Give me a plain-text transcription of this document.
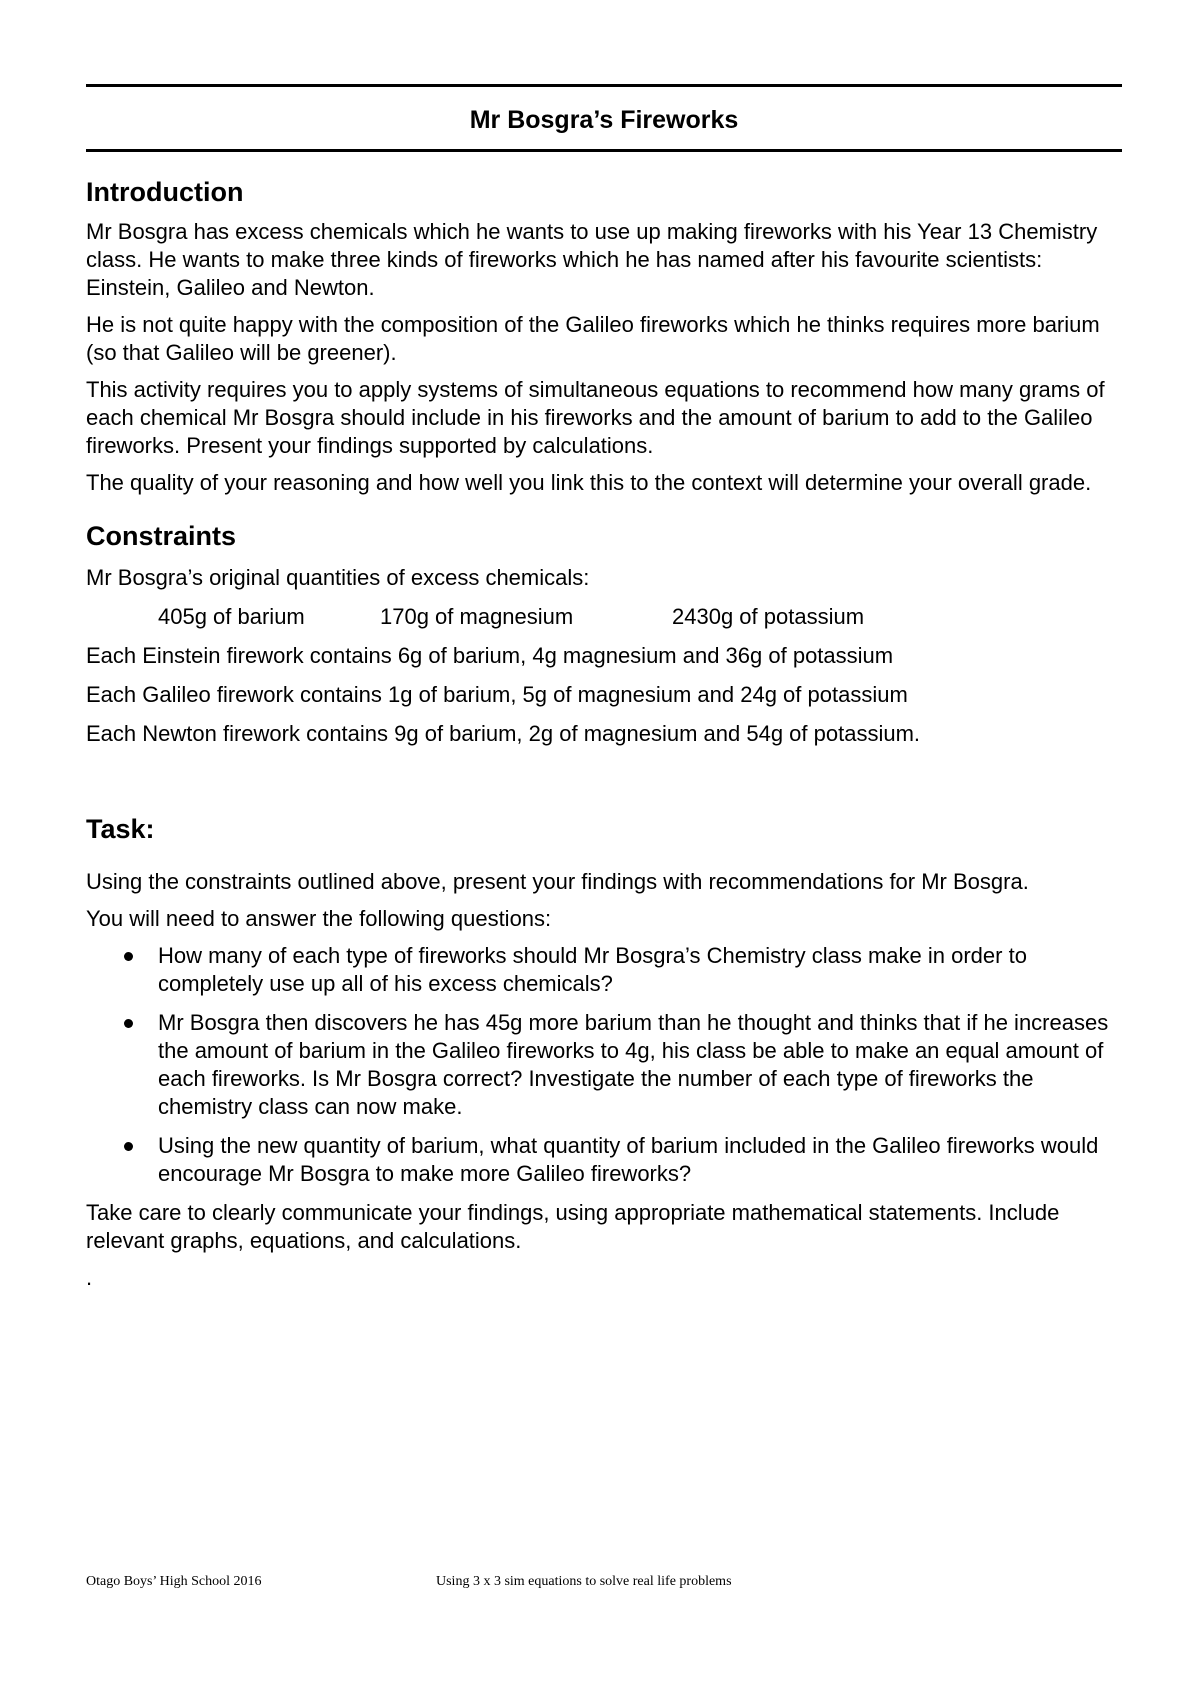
Mr Bosgra’s Fireworks
Introduction

Mr Bosgra has excess chemicals which he wants to use up making fireworks with his Year 13 Chemistry class. He wants to make three kinds of fireworks which he has named after his favourite scientists: Einstein, Galileo and Newton.

He is not quite happy with the composition of the Galileo fireworks which he thinks requires more barium (so that Galileo will be greener).

This activity requires you to apply systems of simultaneous equations to recommend how many grams of each chemical Mr Bosgra should include in his fireworks and the amount of barium to add to the Galileo fireworks. Present your findings supported by calculations.

The quality of your reasoning and how well you link this to the context will determine your overall grade.

Constraints
Mr Bosgra’s original quantities of excess chemicals:
405g of barium	170g of magnesium	2430g of potassium
Each Einstein firework contains 6g of barium, 4g magnesium and 36g of potassium
Each Galileo firework contains 1g of barium, 5g of magnesium and 24g of potassium
Each Newton firework contains 9g of barium, 2g of magnesium and 54g of potassium.
Task:

Using the constraints outlined above, present your findings with recommendations for Mr Bosgra.

You will need to answer the following questions:

How many of each type of fireworks should Mr Bosgra’s Chemistry class make in order to completely use up all of his excess chemicals?
Mr Bosgra then discovers he has 45g more barium than he thought and thinks that if he increases the amount of barium in the Galileo fireworks to 4g, his class be able to make an equal amount of each fireworks. Is Mr Bosgra correct? Investigate the number of each type of fireworks the chemistry class can now make.
Using the new quantity of barium, what quantity of barium included in the Galileo fireworks would encourage Mr Bosgra to make more Galileo fireworks?

Take care to clearly communicate your findings, using appropriate mathematical statements. Include relevant graphs, equations, and calculations.

.
Otago Boys’ High School 2016	Using 3 x 3 sim equations to solve real life problems
